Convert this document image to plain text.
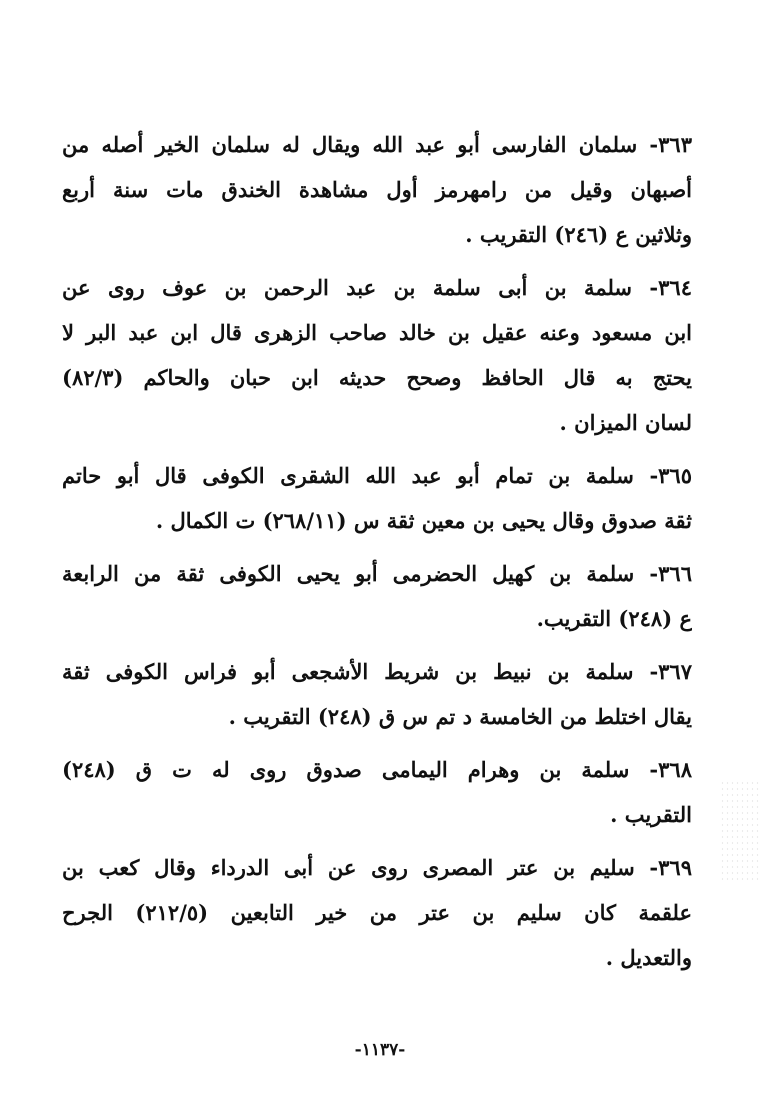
٣٦٣- سلمان الفارسى أبو عبد الله ويقال له سلمان الخير أصله من
أصبهان وقيل من رامهرمز أول مشاهدة الخندق مات سنة أربع
وثلاثين ع (٢٤٦) التقريب .
٣٦٤- سلمة بن أبى سلمة بن عبد الرحمن بن عوف روى عن
ابن مسعود وعنه عقيل بن خالد صاحب الزهرى قال ابن عبد البر لا
يحتج به قال الحافظ وصحح حديثه ابن حبان والحاكم (٨٢/٣)
لسان الميزان .
٣٦٥- سلمة بن تمام أبو عبد الله الشقرى الكوفى قال أبو حاتم
ثقة صدوق وقال يحيى بن معين ثقة س (٢٦٨/١١) ت الكمال .
٣٦٦- سلمة بن كهيل الحضرمى أبو يحيى الكوفى ثقة من الرابعة
ع (٢٤٨) التقريب.
٣٦٧- سلمة بن نبيط بن شريط الأشجعى أبو فراس الكوفى ثقة
يقال اختلط من الخامسة د تم س ق (٢٤٨) التقريب .
٣٦٨- سلمة بن وهرام اليمامى صدوق روى له ت ق (٢٤٨)
التقريب .
٣٦٩- سليم بن عتر المصرى روى عن أبى الدرداء وقال كعب بن
علقمة كان سليم بن عتر من خير التابعين (٢١٢/٥) الجرح
والتعديل .
-١١٣٧-
